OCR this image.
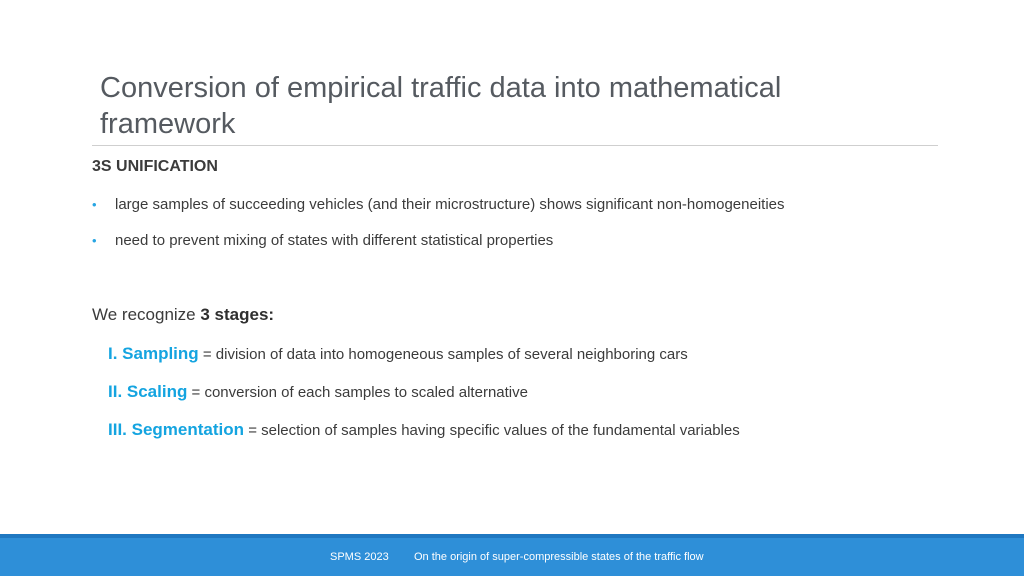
Conversion of empirical traffic data into mathematical framework

3S UNIFICATION

• large samples of succeeding vehicles (and their microstructure) shows significant non-homogeneities
• need to prevent mixing of states with different statistical properties

We recognize 3 stages:

I. Sampling = division of data into homogeneous samples of several neighboring cars
II. Scaling = conversion of each samples to scaled alternative
III. Segmentation = selection of samples having specific values of the fundamental variables
SPMS 2023 On the origin of super-compressible states of the traffic flow
